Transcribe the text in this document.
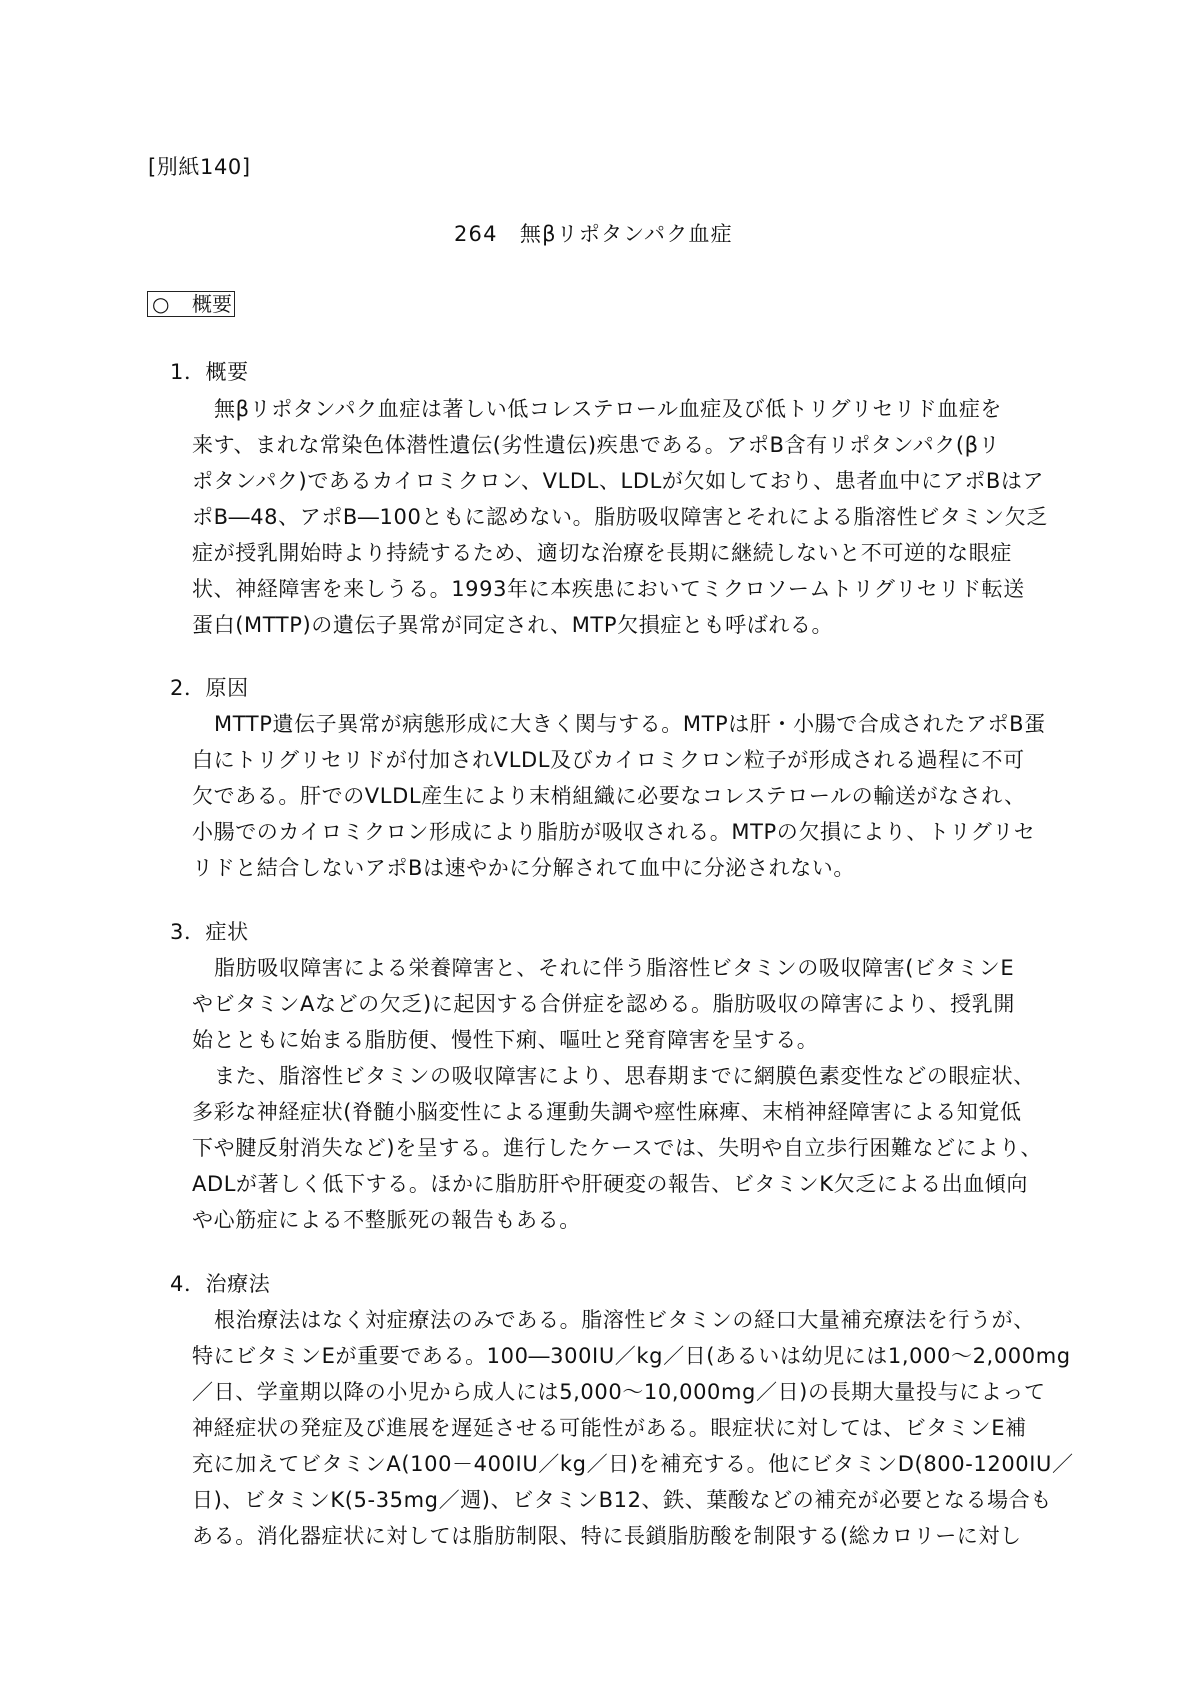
[別紙140]
264　無βリポタンパク血症
○ 概要
1．概要
無βリポタンパク血症は著しい低コレステロール血症及び低トリグリセリド血症を
来す、まれな常染色体潜性遺伝(劣性遺伝)疾患である。アポB含有リポタンパク(βリ
ポタンパク)であるカイロミクロン、VLDL、LDLが欠如しており、患者血中にアポBはア
ポB―48、アポB―100ともに認めない。脂肪吸収障害とそれによる脂溶性ビタミン欠乏
症が授乳開始時より持続するため、適切な治療を長期に継続しないと不可逆的な眼症
状、神経障害を来しうる。1993年に本疾患においてミクロソームトリグリセリド転送
蛋白(MTTP)の遺伝子異常が同定され、MTP欠損症とも呼ばれる。
2．原因
MTTP遺伝子異常が病態形成に大きく関与する。MTPは肝・小腸で合成されたアポB蛋
白にトリグリセリドが付加されVLDL及びカイロミクロン粒子が形成される過程に不可
欠である。肝でのVLDL産生により末梢組織に必要なコレステロールの輸送がなされ、
小腸でのカイロミクロン形成により脂肪が吸収される。MTPの欠損により、トリグリセ
リドと結合しないアポBは速やかに分解されて血中に分泌されない。
3．症状
脂肪吸収障害による栄養障害と、それに伴う脂溶性ビタミンの吸収障害(ビタミンE
やビタミンAなどの欠乏)に起因する合併症を認める。脂肪吸収の障害により、授乳開
始とともに始まる脂肪便、慢性下痢、嘔吐と発育障害を呈する。
また、脂溶性ビタミンの吸収障害により、思春期までに網膜色素変性などの眼症状、
多彩な神経症状(脊髄小脳変性による運動失調や痙性麻痺、末梢神経障害による知覚低
下や腱反射消失など)を呈する。進行したケースでは、失明や自立歩行困難などにより、
ADLが著しく低下する。ほかに脂肪肝や肝硬変の報告、ビタミンK欠乏による出血傾向
や心筋症による不整脈死の報告もある。
4．治療法
根治療法はなく対症療法のみである。脂溶性ビタミンの経口大量補充療法を行うが、
特にビタミンEが重要である。100―300IU／kg／日(あるいは幼児には1,000～2,000mg
／日、学童期以降の小児から成人には5,000～10,000mg／日)の長期大量投与によって
神経症状の発症及び進展を遅延させる可能性がある。眼症状に対しては、ビタミンE補
充に加えてビタミンA(100－400IU／kg／日)を補充する。他にビタミンD(800-1200IU／
日)、ビタミンK(5-35mg／週)、ビタミンB12、鉄、葉酸などの補充が必要となる場合も
ある。消化器症状に対しては脂肪制限、特に長鎖脂肪酸を制限する(総カロリーに対し
